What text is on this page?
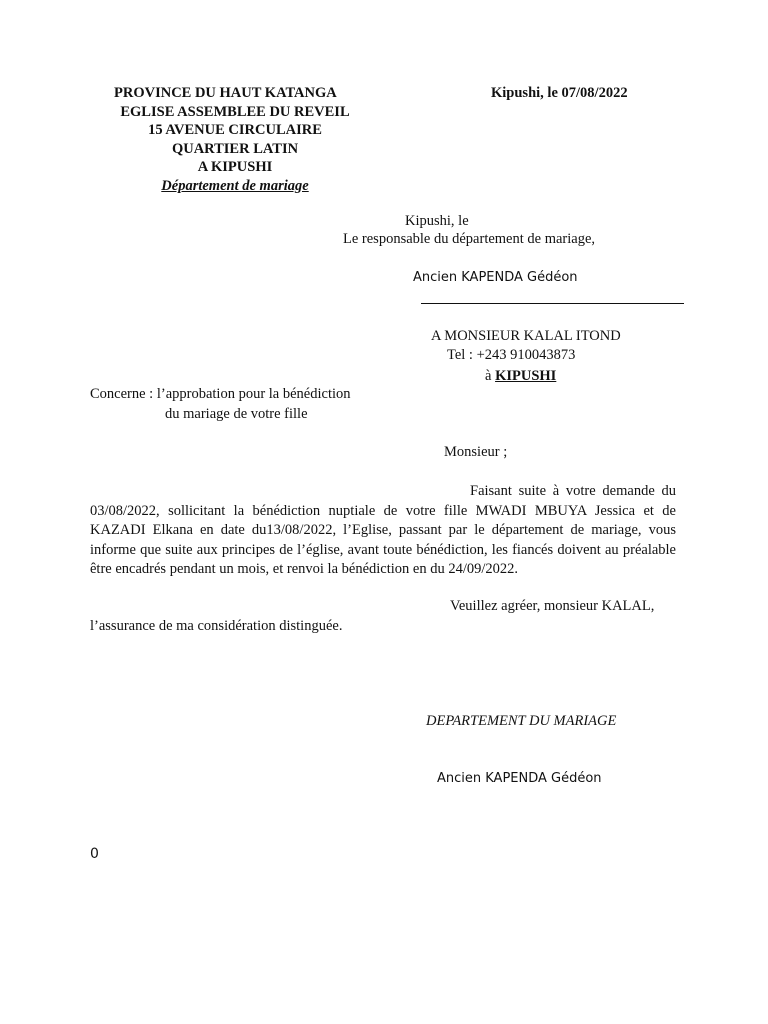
PROVINCE DU HAUT KATANGA
EGLISE ASSEMBLEE DU REVEIL
15 AVENUE CIRCULAIRE
QUARTIER LATIN
A KIPUSHI
Département de mariage
Kipushi, le 07/08/2022
Kipushi, le
Le responsable du département de mariage,
Ancien KAPENDA Gédéon
A MONSIEUR KALAL ITOND
Tel : +243 910043873
à KIPUSHI
Concerne : l’approbation pour la bénédiction
du mariage de votre fille
Monsieur ;
Faisant suite à votre demande du 03/08/2022, sollicitant la bénédiction nuptiale de votre fille MWADI MBUYA Jessica et de KAZADI Elkana en date du13/08/2022, l’Eglise, passant par le département de mariage, vous informe que suite aux principes de l’église, avant toute bénédiction, les fiancés doivent au préalable être encadrés pendant un mois, et renvoi la bénédiction en du 24/09/2022.
Veuillez agréer, monsieur KALAL,
l’assurance de ma considération distinguée.
DEPARTEMENT DU MARIAGE
Ancien KAPENDA Gédéon
0
